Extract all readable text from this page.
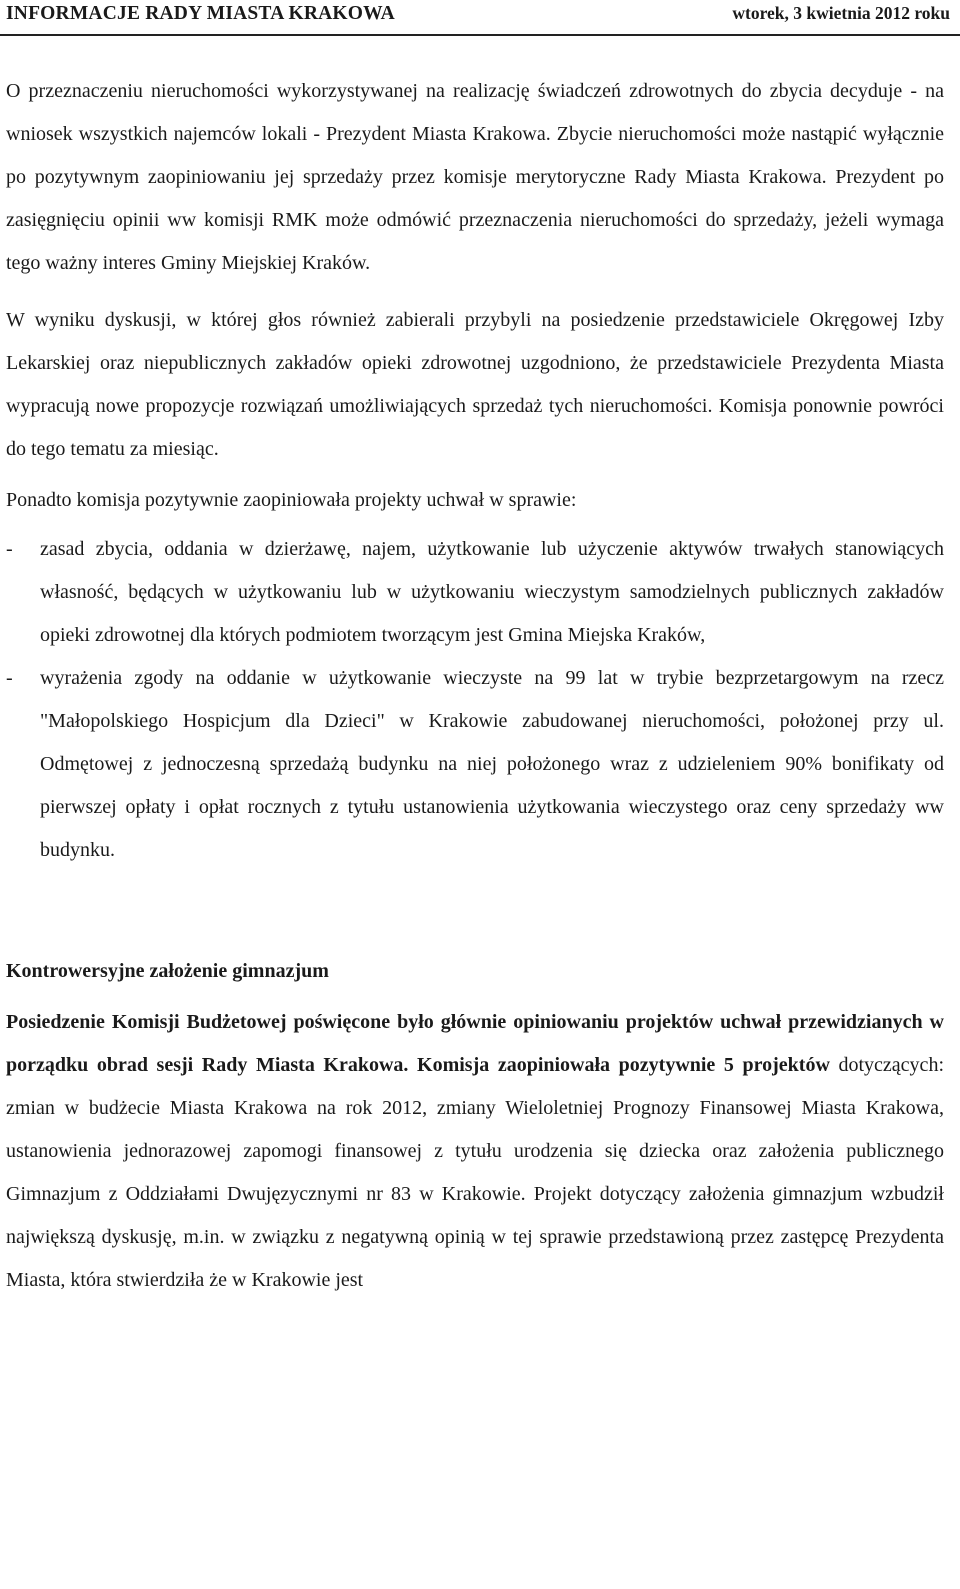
INFORMACJE RADY MIASTA KRAKOWA	wtorek, 3 kwietnia 2012 roku

O przeznaczeniu nieruchomości wykorzystywanej na realizację świadczeń zdrowotnych do zbycia decyduje - na wniosek wszystkich najemców lokali - Prezydent Miasta Krakowa. Zbycie nieruchomości może nastąpić wyłącznie po pozytywnym zaopiniowaniu jej sprzedaży przez komisje merytoryczne Rady Miasta Krakowa. Prezydent po zasięgnięciu opinii ww komisji RMK może odmówić przeznaczenia nieruchomości do sprzedaży, jeżeli wymaga tego ważny interes Gminy Miejskiej Kraków.

W wyniku dyskusji, w której głos również zabierali przybyli na posiedzenie przedstawiciele Okręgowej Izby Lekarskiej oraz niepublicznych zakładów opieki zdrowotnej uzgodniono, że przedstawiciele Prezydenta Miasta wypracują nowe propozycje rozwiązań umożliwiających sprzedaż tych nieruchomości. Komisja ponownie powróci do tego tematu za miesiąc.

Ponadto komisja pozytywnie zaopiniowała projekty uchwał w sprawie:

- zasad zbycia, oddania w dzierżawę, najem, użytkowanie lub użyczenie aktywów trwałych stanowiących własność, będących w użytkowaniu lub w użytkowaniu wieczystym samodzielnych publicznych zakładów opieki zdrowotnej dla których podmiotem tworzącym jest Gmina Miejska Kraków,
- wyrażenia zgody na oddanie w użytkowanie wieczyste na 99 lat w trybie bezprzetargowym na rzecz "Małopolskiego Hospicjum dla Dzieci" w Krakowie zabudowanej nieruchomości, położonej przy ul. Odmętowej z jednoczesną sprzedażą budynku na niej położonego wraz z udzieleniem 90% bonifikaty od pierwszej opłaty i opłat rocznych z tytułu ustanowienia użytkowania wieczystego oraz ceny sprzedaży ww budynku.

Kontrowersyjne założenie gimnazjum

Posiedzenie Komisji Budżetowej poświęcone było głównie opiniowaniu projektów uchwał przewidzianych w porządku obrad sesji Rady Miasta Krakowa. Komisja zaopiniowała pozytywnie 5 projektów dotyczących: zmian w budżecie Miasta Krakowa na rok 2012, zmiany Wieloletniej Prognozy Finansowej Miasta Krakowa, ustanowienia jednorazowej zapomogi finansowej z tytułu urodzenia się dziecka oraz założenia publicznego Gimnazjum z Oddziałami Dwujęzycznymi nr 83 w Krakowie. Projekt dotyczący założenia gimnazjum wzbudził największą dyskusję, m.in. w związku z negatywną opinią w tej sprawie przedstawioną przez zastępcę Prezydenta Miasta, która stwierdziła że w Krakowie jest
